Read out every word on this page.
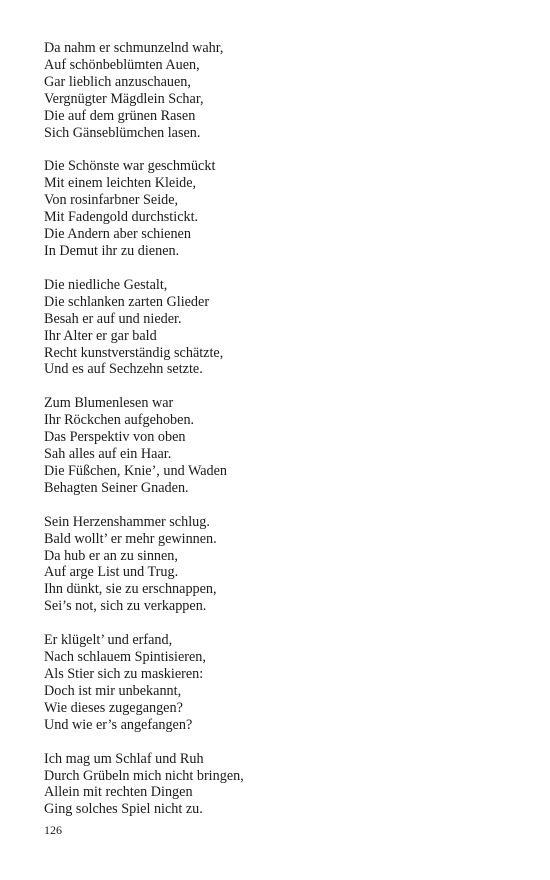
Da nahm er schmunzelnd wahr,
Auf schönbeblümten Auen,
Gar lieblich anzuschauen,
Vergnügter Mägdlein Schar,
Die auf dem grünen Rasen
Sich Gänseblümchen lasen.
Die Schönste war geschmückt
Mit einem leichten Kleide,
Von rosinfarbner Seide,
Mit Fadengold durchstickt.
Die Andern aber schienen
In Demut ihr zu dienen.
Die niedliche Gestalt,
Die schlanken zarten Glieder
Besah er auf und nieder.
Ihr Alter er gar bald
Recht kunstverständig schätzte,
Und es auf Sechzehn setzte.
Zum Blumenlesen war
Ihr Röckchen aufgehoben.
Das Perspektiv von oben
Sah alles auf ein Haar.
Die Füßchen, Knie’, und Waden
Behagten Seiner Gnaden.
Sein Herzenshammer schlug.
Bald wollt’ er mehr gewinnen.
Da hub er an zu sinnen,
Auf arge List und Trug.
Ihn dünkt, sie zu erschnappen,
Sei’s not, sich zu verkappen.
Er klügelt’ und erfand,
Nach schlauem Spintisieren,
Als Stier sich zu maskieren:
Doch ist mir unbekannt,
Wie dieses zugegangen?
Und wie er’s angefangen?
Ich mag um Schlaf und Ruh
Durch Grübeln mich nicht bringen,
Allein mit rechten Dingen
Ging solches Spiel nicht zu.
126
